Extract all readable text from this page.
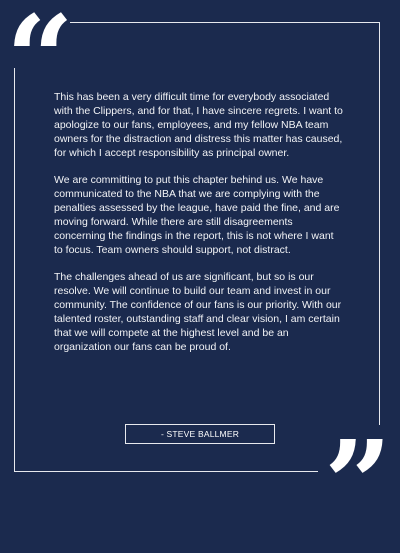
“

This has been a very difficult time for everybody associated with the Clippers, and for that, I have sincere regrets. I want to apologize to our fans, employees, and my fellow NBA team owners for the distraction and distress this matter has caused, for which I accept responsibility as principal owner.

We are committing to put this chapter behind us. We have communicated to the NBA that we are complying with the penalties assessed by the league, have paid the fine, and are moving forward. While there are still disagreements concerning the findings in the report, this is not where I want to focus. Team owners should support, not distract.

The challenges ahead of us are significant, but so is our resolve. We will continue to build our team and invest in our community. The confidence of our fans is our priority. With our talented roster, outstanding staff and clear vision, I am certain that we will compete at the highest level and be an organization our fans can be proud of.

- STEVE BALLMER ”
